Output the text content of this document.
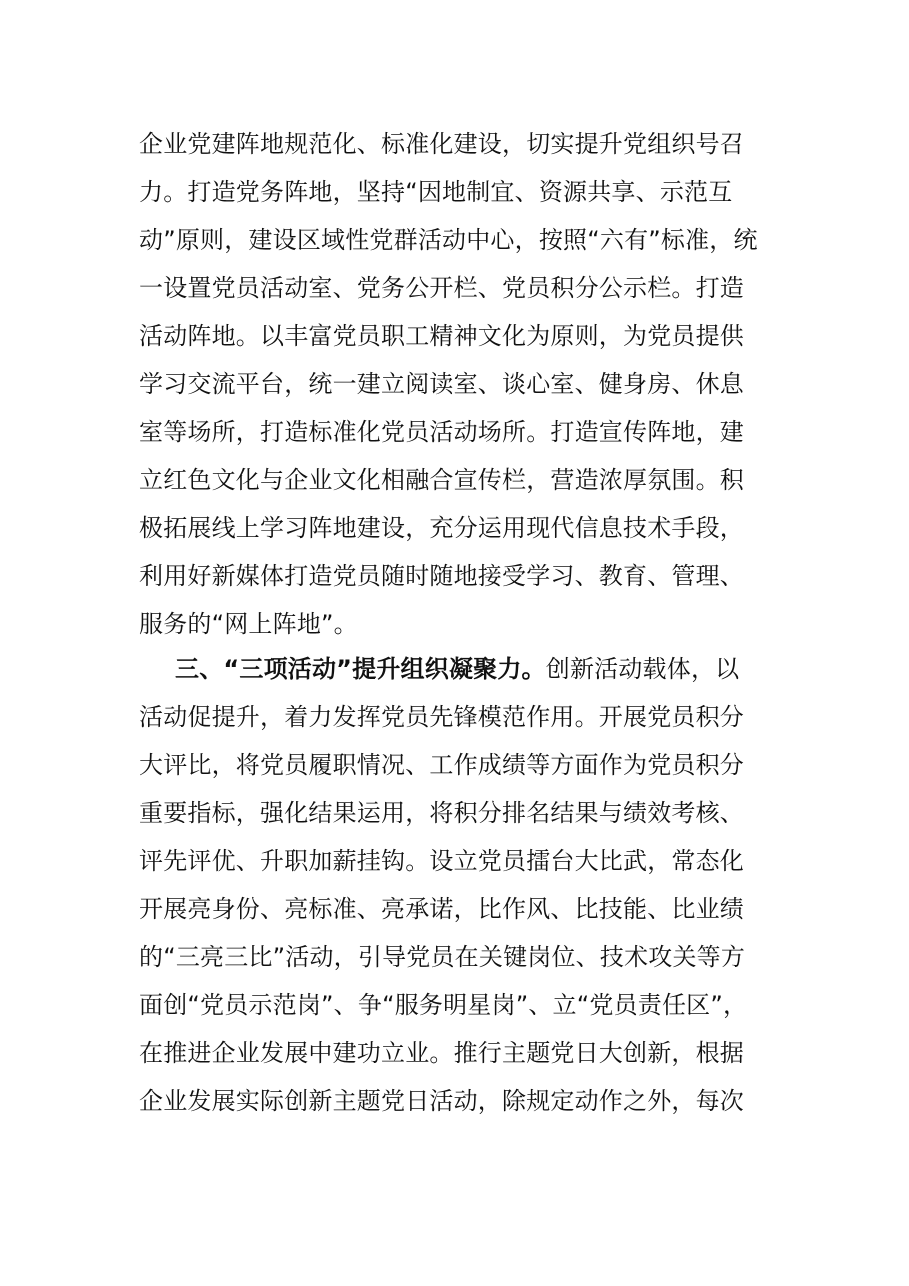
企业党建阵地规范化、标准化建设，切实提升党组织号召
力。打造党务阵地，坚持“因地制宜、资源共享、示范互
动”原则，建设区域性党群活动中心，按照“六有”标准，统
一设置党员活动室、党务公开栏、党员积分公示栏。打造
活动阵地。以丰富党员职工精神文化为原则，为党员提供
学习交流平台，统一建立阅读室、谈心室、健身房、休息
室等场所，打造标准化党员活动场所。打造宣传阵地，建
立红色文化与企业文化相融合宣传栏，营造浓厚氛围。积
极拓展线上学习阵地建设，充分运用现代信息技术手段，
利用好新媒体打造党员随时随地接受学习、教育、管理、
服务的“网上阵地”。
三、“三项活动”提升组织凝聚力。创新活动载体，以
活动促提升，着力发挥党员先锋模范作用。开展党员积分
大评比，将党员履职情况、工作成绩等方面作为党员积分
重要指标，强化结果运用，将积分排名结果与绩效考核、
评先评优、升职加薪挂钩。设立党员擂台大比武，常态化
开展亮身份、亮标准、亮承诺，比作风、比技能、比业绩
的“三亮三比”活动，引导党员在关键岗位、技术攻关等方
面创“党员示范岗”、争“服务明星岗”、立“党员责任区”，
在推进企业发展中建功立业。推行主题党日大创新，根据
企业发展实际创新主题党日活动，除规定动作之外，每次
